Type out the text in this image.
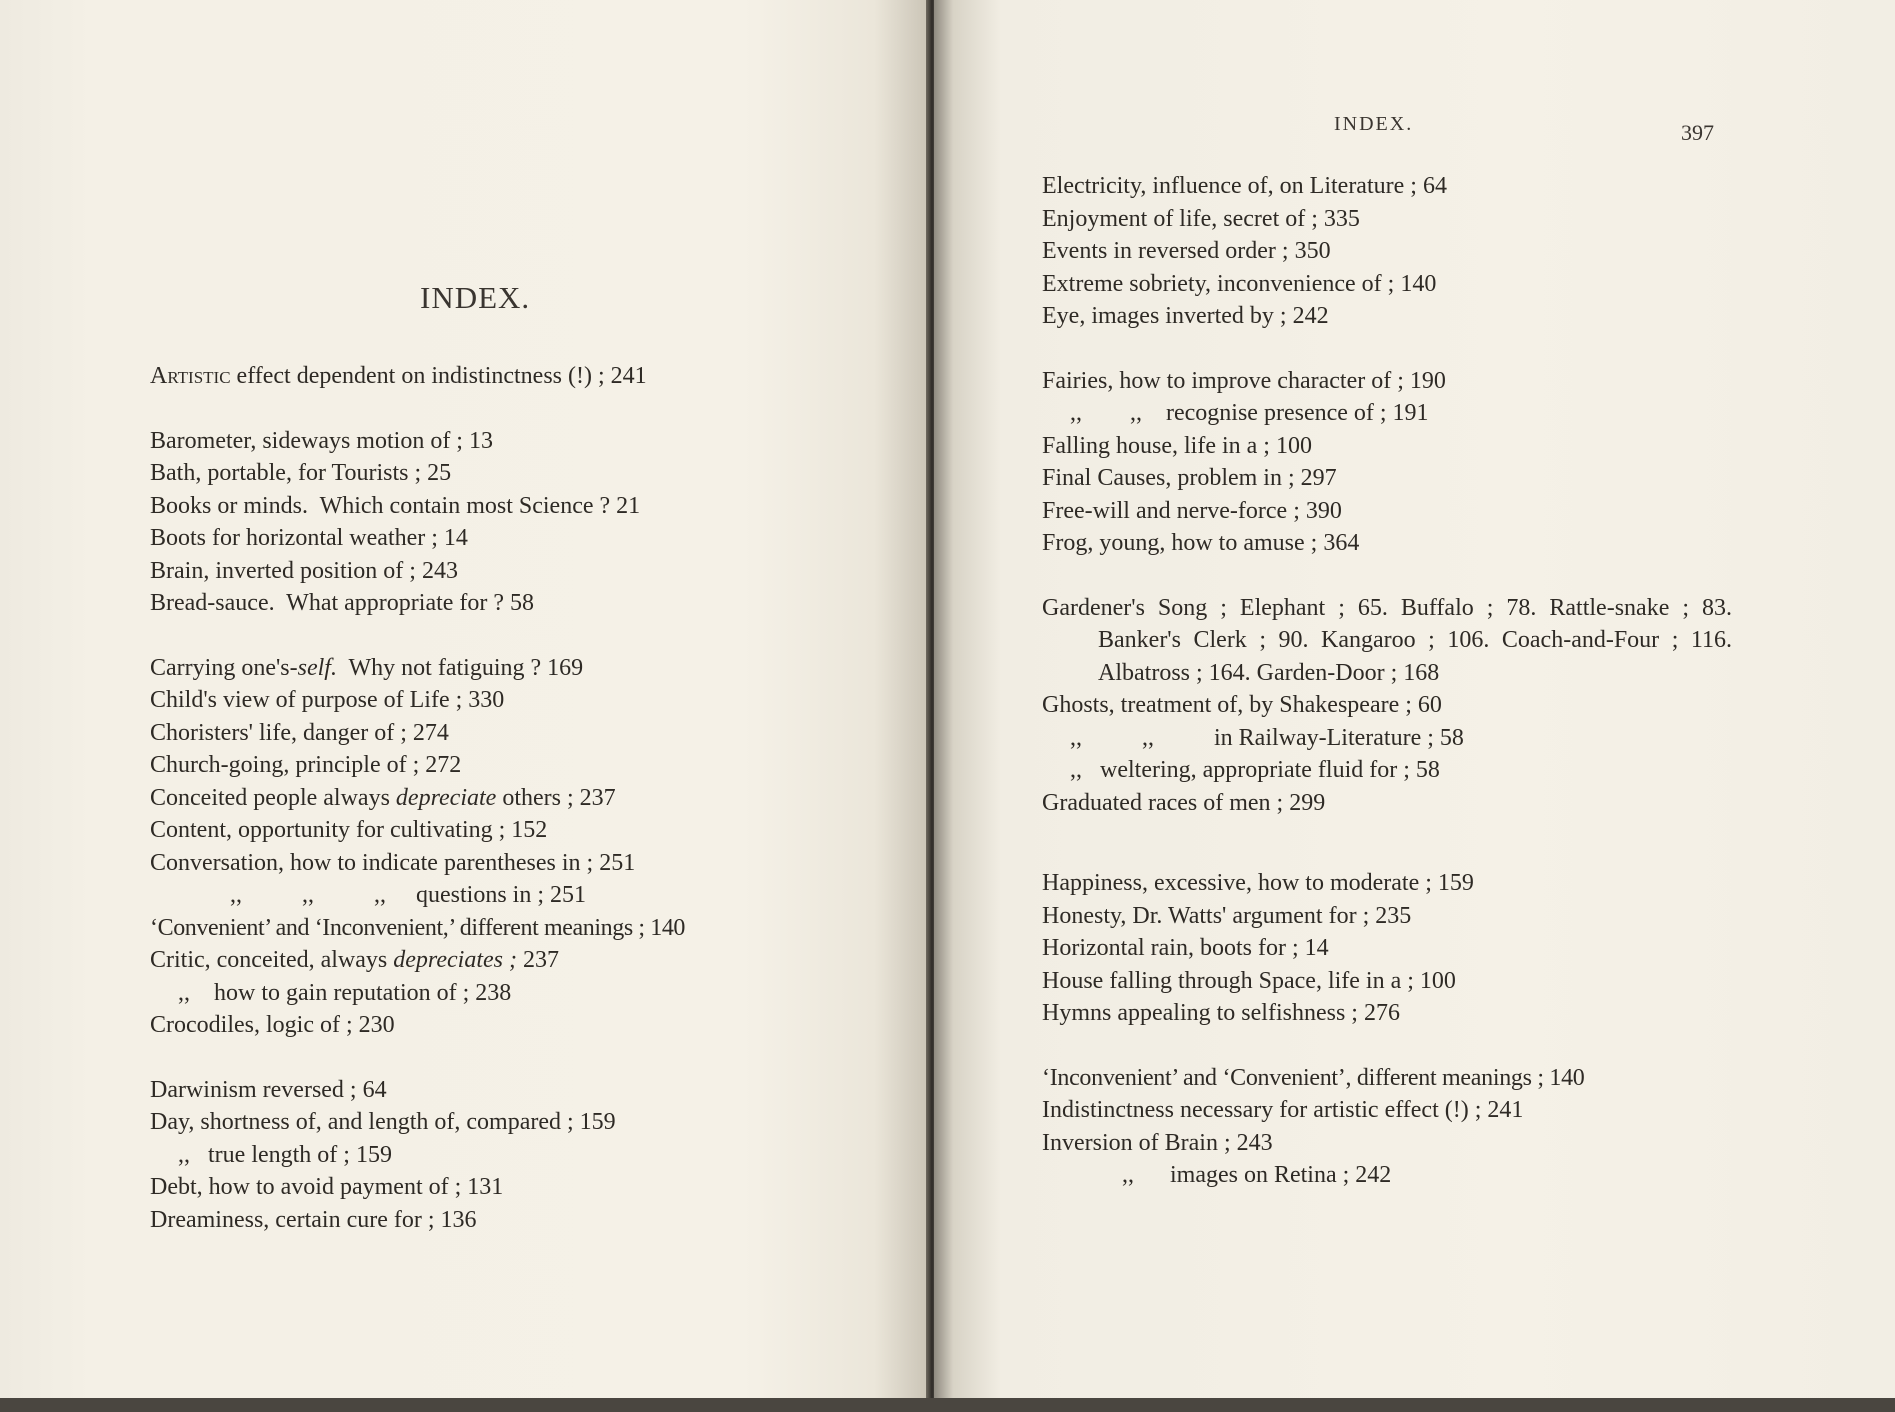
INDEX.
Artistic effect dependent on indistinctness (!) ; 241
Barometer, sideways motion of ; 13
Bath, portable, for Tourists ; 25
Books or minds.  Which contain most Science ? 21
Boots for horizontal weather ; 14
Brain, inverted position of ; 243
Bread-sauce.  What appropriate for ? 58
Carrying one's-self.  Why not fatiguing ? 169
Child's view of purpose of Life ; 330
Choristers' life, danger of ; 274
Church-going, principle of ; 272
Conceited people always depreciate others ; 237
Content, opportunity for cultivating ; 152
Conversation, how to indicate parentheses in ; 251
,,          ,,          ,,     questions in ; 251
‘Convenient’ and ‘Inconvenient,’ different meanings ; 140
Critic, conceited, always depreciates ; 237
,,    how to gain reputation of ; 238
Crocodiles, logic of ; 230
Darwinism reversed ; 64
Day, shortness of, and length of, compared ; 159
,,   true length of ; 159
Debt, how to avoid payment of ; 131
Dreaminess, certain cure for ; 136
INDEX.	397
Electricity, influence of, on Literature ; 64
Enjoyment of life, secret of ; 335
Events in reversed order ; 350
Extreme sobriety, inconvenience of ; 140
Eye, images inverted by ; 242
Fairies, how to improve character of ; 190
,,        ,,    recognise presence of ; 191
Falling house, life in a ; 100
Final Causes, problem in ; 297
Free-will and nerve-force ; 390
Frog, young, how to amuse ; 364
Gardener's Song ; Elephant ; 65. Buffalo ; 78. Rattle-snake ; 83. Banker's Clerk ; 90. Kangaroo ; 106. Coach-and-Four ; 116. Albatross ; 164. Garden-Door ; 168
Ghosts, treatment of, by Shakespeare ; 60
,,          ,,          in Railway-Literature ; 58
,,   weltering, appropriate fluid for ; 58
Graduated races of men ; 299
Happiness, excessive, how to moderate ; 159
Honesty, Dr. Watts' argument for ; 235
Horizontal rain, boots for ; 14
House falling through Space, life in a ; 100
Hymns appealing to selfishness ; 276
‘Inconvenient’ and ‘Convenient’, different meanings ; 140
Indistinctness necessary for artistic effect (!) ; 241
Inversion of Brain ; 243
,,      images on Retina ; 242
